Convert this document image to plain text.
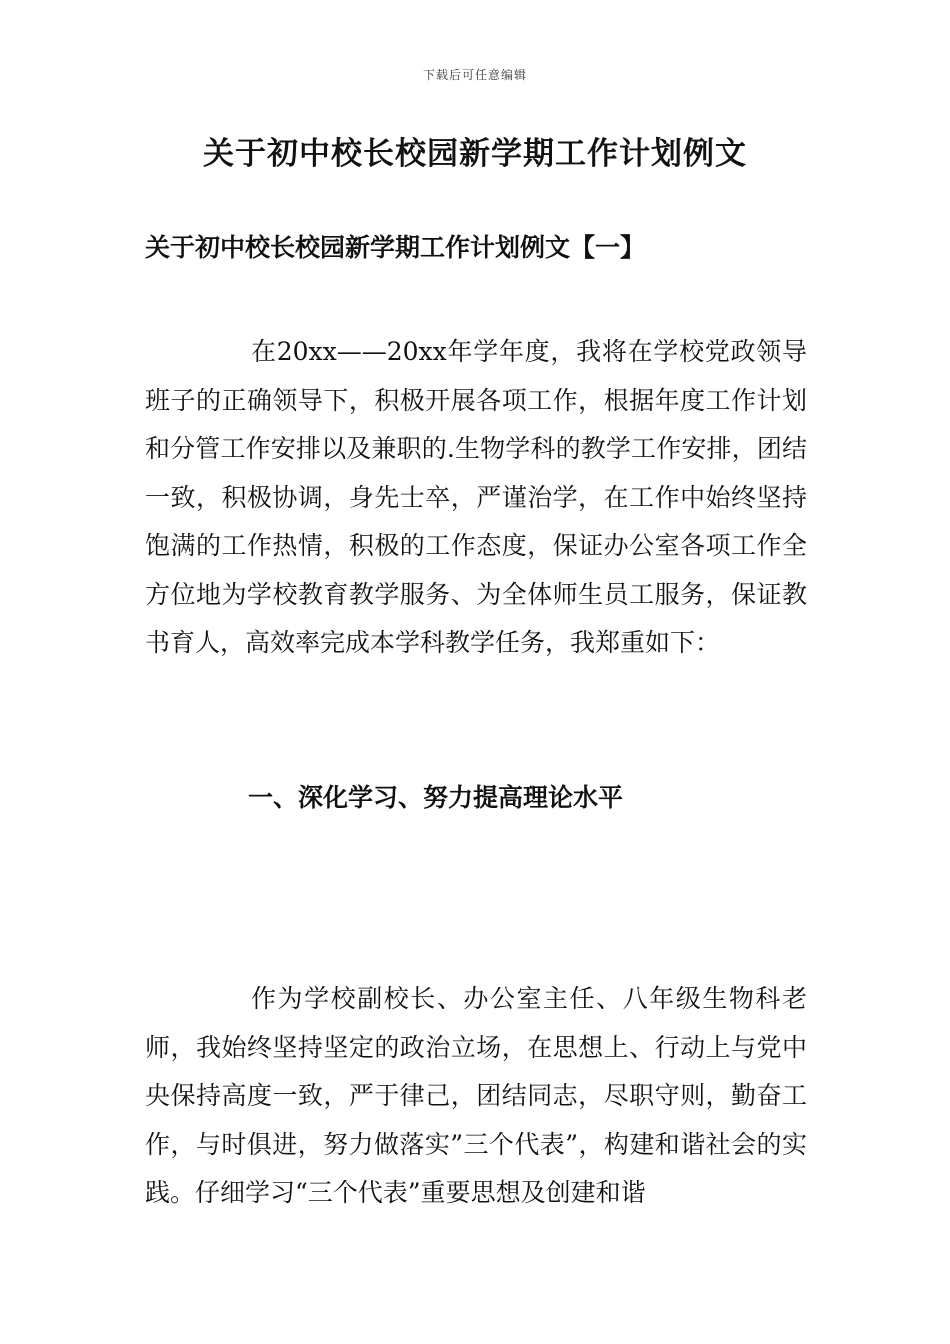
下载后可任意编辑
关于初中校长校园新学期工作计划例文
关于初中校长校园新学期工作计划例文【一】

在20xx——20xx年学年度，我将在学校党政领导班子的正确领导下，积极开展各项工作，根据年度工作计划和分管工作安排以及兼职的.生物学科的教学工作安排，团结一致，积极协调，身先士卒，严谨治学，在工作中始终坚持饱满的工作热情，积极的工作态度，保证办公室各项工作全方位地为学校教育教学服务、为全体师生员工服务，保证教书育人，高效率完成本学科教学任务，我郑重如下：

一、深化学习、努力提高理论水平

作为学校副校长、办公室主任、八年级生物科老师，我始终坚持坚定的政治立场，在思想上、行动上与党中央保持高度一致，严于律己，团结同志，尽职守则，勤奋工作，与时俱进，努力做落实”三个代表”，构建和谐社会的实践。仔细学习“三个代表”重要思想及创建和谐
